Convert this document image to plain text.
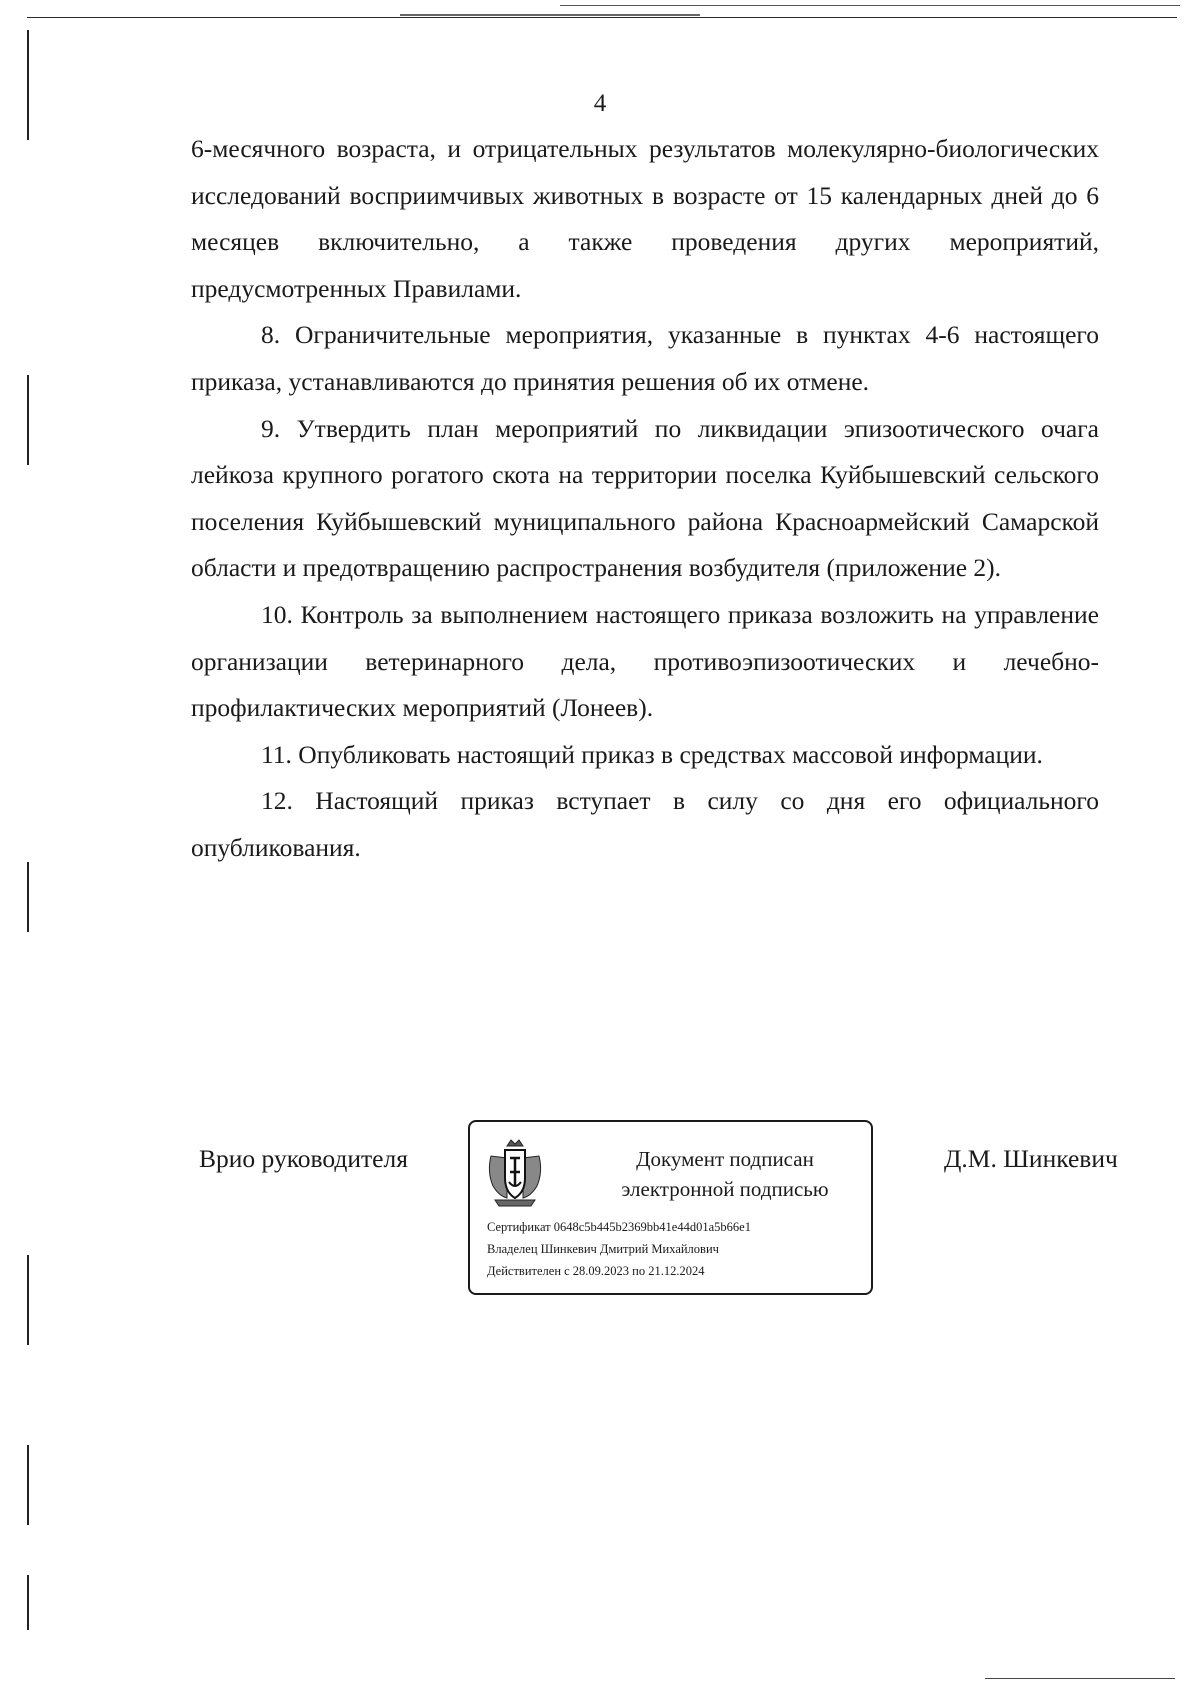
4

6-месячного возраста, и отрицательных результатов молекулярно-биологических исследований восприимчивых животных в возрасте от 15 календарных дней до 6 месяцев включительно, а также проведения других мероприятий, предусмотренных Правилами.

8. Ограничительные мероприятия, указанные в пунктах 4-6 настоящего приказа, устанавливаются до принятия решения об их отмене.

9. Утвердить план мероприятий по ликвидации эпизоотического очага лейкоза крупного рогатого скота на территории поселка Куйбышевский сельского поселения Куйбышевский муниципального района Красноармейский Самарской области и предотвращению распространения возбудителя (приложение 2).

10. Контроль за выполнением настоящего приказа возложить на управление организации ветеринарного дела, противоэпизоотических и лечебно-профилактических мероприятий (Лонеев).

11. Опубликовать настоящий приказ в средствах массовой информации.

12. Настоящий приказ вступает в силу со дня его официального опубликования.

Врио руководителя	Документ подписан
электронной подписью
Сертификат 0648c5b445b2369bb41e44d01a5b66e1
Владелец Шинкевич Дмитрий Михайлович
Действителен с 28.09.2023 по 21.12.2024
Д.М. Шинкевич
